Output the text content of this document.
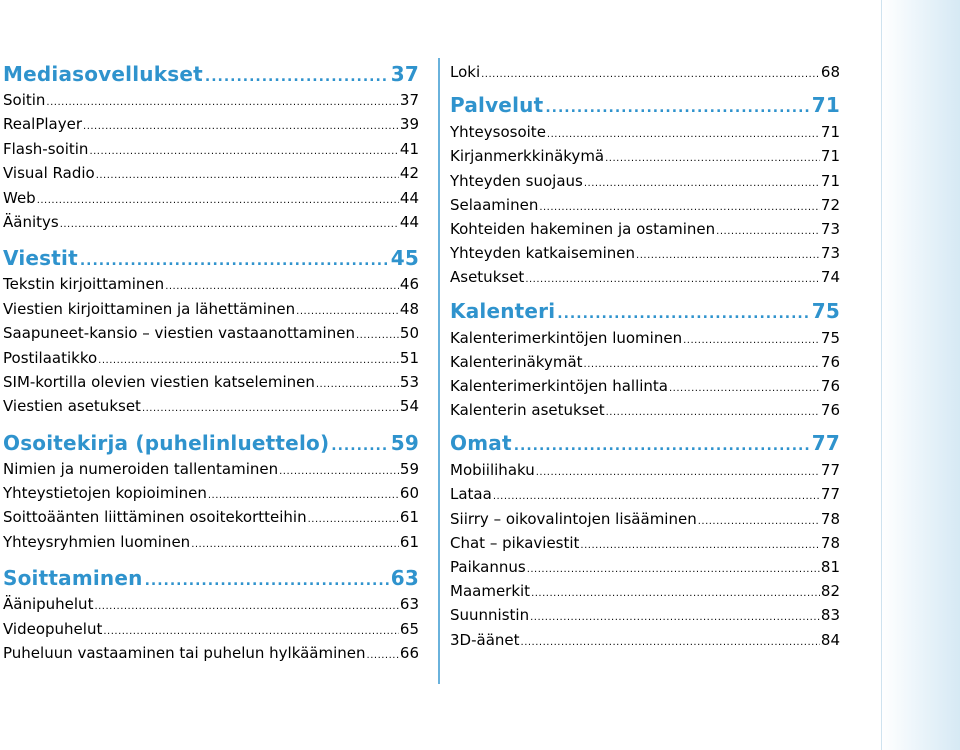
Mediasovellukset .....	37
Soitin .....	37
RealPlayer .....	39
Flash-soitin .....	41
Visual Radio .....	42
Web .....	44
Äänitys .....	44
Viestit .....	45
Tekstin kirjoittaminen .....	46
Viestien kirjoittaminen ja lähettäminen .....	48
Saapuneet-kansio – viestien vastaanottaminen .....	50
Postilaatikko .....	51
SIM-kortilla olevien viestien katseleminen .....	53
Viestien asetukset .....	54
Osoitekirja (puhelinluettelo) .....	59
Nimien ja numeroiden tallentaminen .....	59
Yhteystietojen kopioiminen .....	60
Soittoäänten liittäminen osoitekortteihin .....	61
Yhteysryhmien luominen .....	61
Soittaminen .....	63
Äänipuhelut .....	63
Videopuhelut .....	65
Puheluun vastaaminen tai puhelun hylkääminen ..... 66
Loki .....	68
Palvelut .....	71
Yhteysosoite .....	71
Kirjanmerkkinäkymä .....	71
Yhteyden suojaus .....	71
Selaaminen .....	72
Kohteiden hakeminen ja ostaminen .....	73
Yhteyden katkaiseminen .....	73
Asetukset .....	74
Kalenteri .....	75
Kalenterimerkintöjen luominen .....	75
Kalenterinäkymät .....	76
Kalenterimerkintöjen hallinta .....	76
Kalenterin asetukset .....	76
Omat .....	77
Mobiilihaku .....	77
Lataa .....	77
Siirry – oikovalintojen lisääminen .....	78
Chat – pikaviestit .....	78
Paikannus .....	81
Maamerkit .....	82
Suunnistin .....	83
3D-äänet .....	84
